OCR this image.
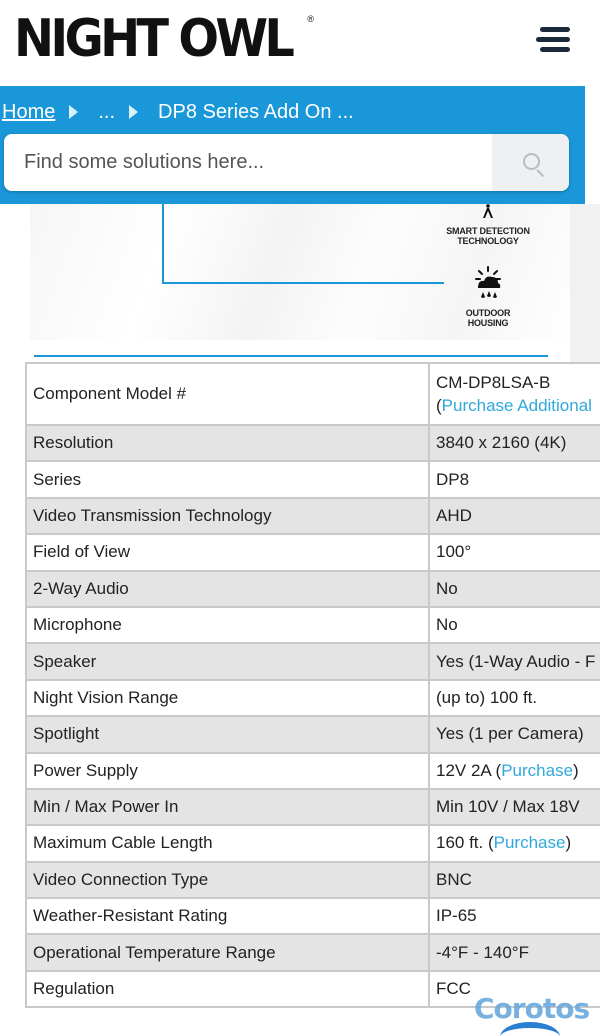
NIGHT OWL ®
Home ... DP8 Series Add On ...
Find some solutions here...
SMART DETECTION
TECHNOLOGY
OUTDOOR
HOUSING
Component Model #	CM-DP8LSA-B
(Purchase Additional

Resolution	3840 x 2160 (4K)
Series	DP8
Video Transmission Technology	AHD
Field of View	100°
2-Way Audio	No
Microphone	No
Speaker	Yes (1-Way Audio - F
Night Vision Range	(up to) 100 ft.
Spotlight	Yes (1 per Camera)
Power Supply	12V 2A (Purchase)
Min / Max Power In	Min 10V / Max 18V
Maximum Cable Length	160 ft. (Purchase)
Video Connection Type	BNC
Weather-Resistant Rating	IP-65
Operational Temperature Range	-4°F - 140°F
Regulation	FCC
Corotos
